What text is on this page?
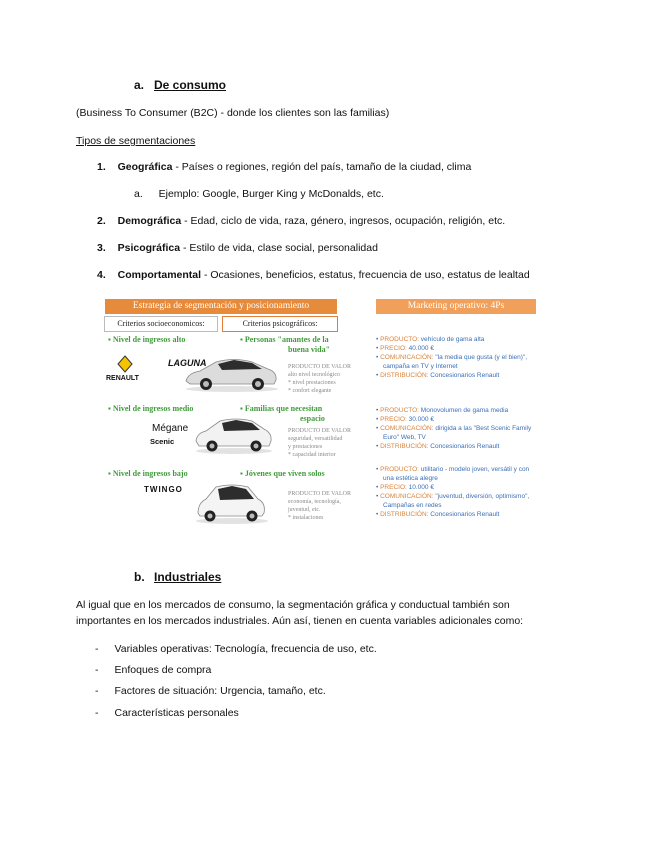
a. De consumo
(Business To Consumer (B2C) - donde los clientes son las familias)
Tipos de segmentaciones
1. Geográfica - Países o regiones, región del país, tamaño de la ciudad, clima
a. Ejemplo: Google, Burger King y McDonalds, etc.
2. Demográfica - Edad, ciclo de vida, raza, género, ingresos, ocupación, religión, etc.
3. Psicográfica - Estilo de vida, clase social, personalidad
4. Comportamental - Ocasiones, beneficios, estatus, frecuencia de uso, estatus de lealtad
Estrategia de segmentación y posicionamiento	Marketing operativo: 4Ps
Criterios socioeconomicos:	Criterios psicográficos:
▪ Nivel de ingresos alto	▪ Personas "amantes de la
buena vida"
RENAULT
LAGUNA	PRODUCTO DE VALOR
alto nivel tecnológico
* nivel prestaciones
* confort elegante
• PRODUCTO: vehículo de gama alta
• PRECIO: 40.000 €
• COMUNICACIÓN: "la media que gusta (y el bien)",
campaña en TV y Internet
• DISTRIBUCIÓN: Concesionarios Renault
▪ Nivel de ingresos medio	▪ Familias que necesitan
espacio
Mégane
Scenic
PRODUCTO DE VALOR
seguridad, versatilidad
y prestaciones
* capacidad interior
• PRODUCTO: Monovolumen de gama media
• PRECIO: 30.000 €
• COMUNICACIÓN: dirigida a las "Best Scenic Family
Euro" Web, TV
• DISTRIBUCIÓN: Concesionarios Renault
▪ Nivel de ingresos bajo	▪ Jóvenes que viven solos
TWINGO	PRODUCTO DE VALOR
economía, tecnología,
juventud, etc.
* instalaciones
• PRODUCTO: utilitario - modelo joven, versátil y con
una estética alegre
• PRECIO: 10.000 €
• COMUNICACIÓN: "juventud, diversión, optimismo",
Campañas en redes
• DISTRIBUCIÓN: Concesionarios Renault
b. Industriales
Al igual que en los mercados de consumo, la segmentación gráfica y conductual también son
importantes en los mercados industriales. Aún así, tienen en cuenta variables adicionales como:
- Variables operativas: Tecnología, frecuencia de uso, etc.
- Enfoques de compra
- Factores de situación: Urgencia, tamaño, etc.
- Características personales
